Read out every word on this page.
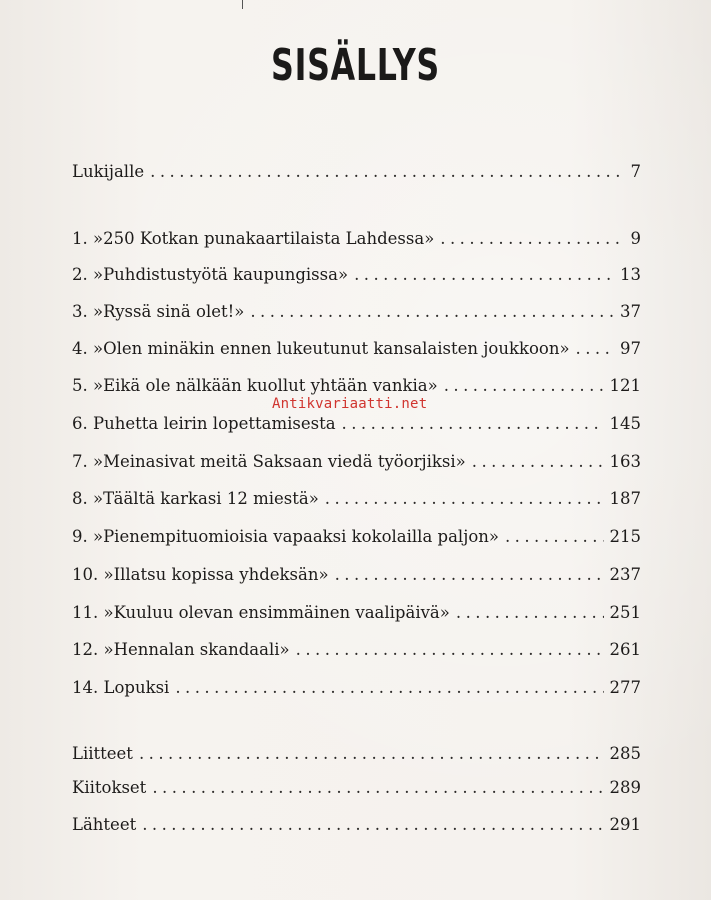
SISÄLLYS
Lukijalle . . .	7
1. »250 Kotkan punakaartilaista Lahdessa» . . .	9
2. »Puhdistustyötä kaupungissa» . . .	13
3. »Ryssä sinä olet!» . . .	37
4. »Olen minäkin ennen lukeutunut kansalaisten joukkoon» . . .	97
5. »Eikä ole nälkään kuollut yhtään vankia» . . .	121
6. Puhetta leirin lopettamisesta . . .	145
7. »Meinasivat meitä Saksaan viedä työorjiksi» . . .	163
8. »Täältä karkasi 12 miestä» . . .	187
9. »Pienempituomioisia vapaaksi kokolailla paljon» . . .	215
10. »Illatsu kopissa yhdeksän» . . .	237
11. »Kuuluu olevan ensimmäinen vaalipäivä» . . .	251
12. »Hennalan skandaali» . . .	261
14. Lopuksi . . .	277
Liitteet . . .	285
Kiitokset . . .	289
Lähteet . . .	291
Antikvariaatti.net
